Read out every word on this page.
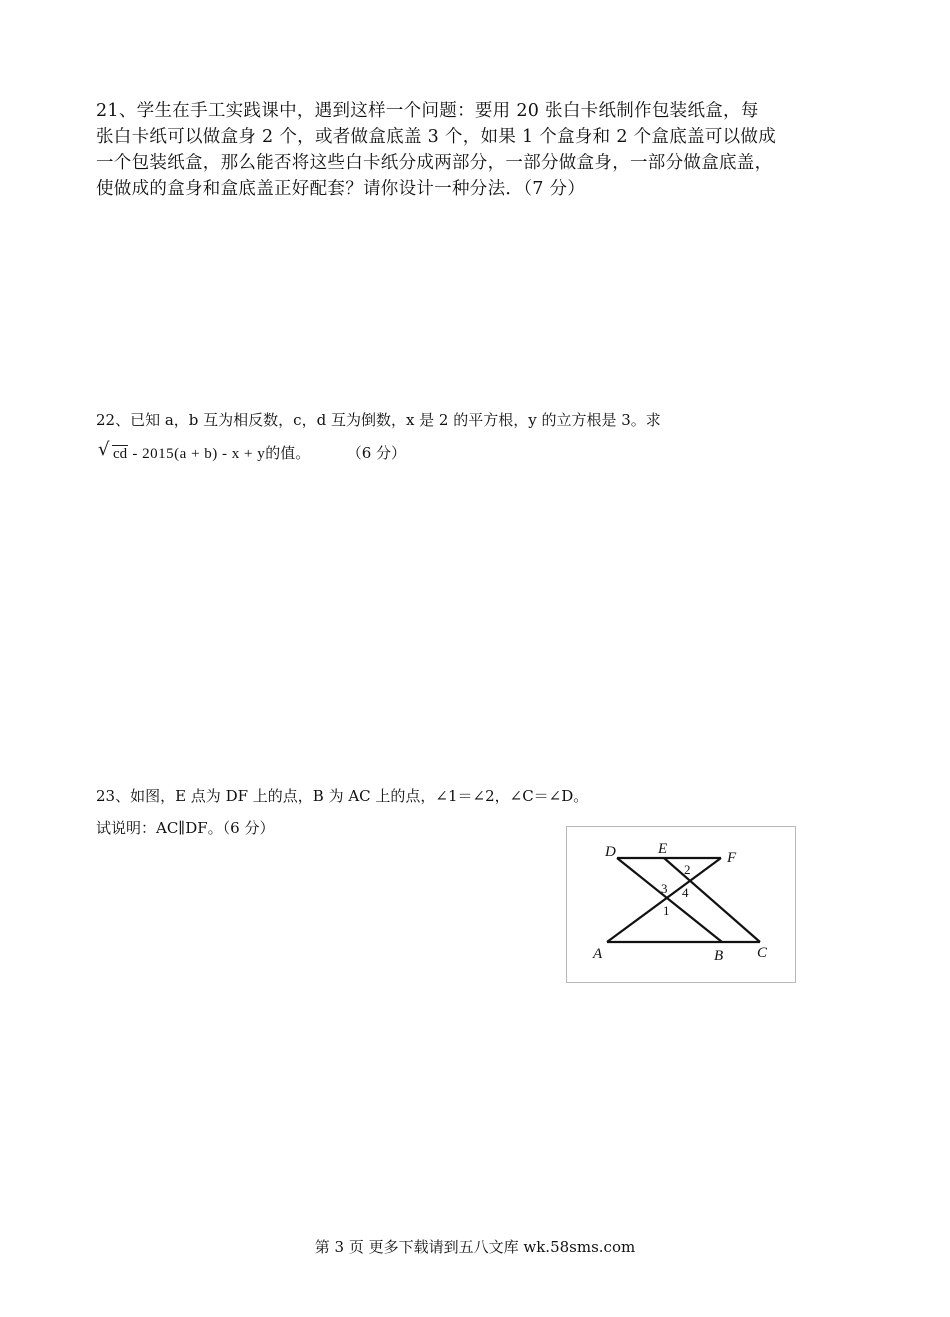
21、学生在手工实践课中，遇到这样一个问题：要用 20 张白卡纸制作包装纸盒，每
张白卡纸可以做盒身 2 个，或者做盒底盖 3 个，如果 1 个盒身和 2 个盒底盖可以做成
一个包装纸盒，那么能否将这些白卡纸分成两部分，一部分做盒身，一部分做盒底盖，
使做成的盒身和盒底盖正好配套？请你设计一种分法．（7 分）
22、已知 a，b 互为相反数，c，d 互为倒数，x 是 2 的平方根，y 的立方根是 3。求
√ cd - 2015(a + b) - x + y的值。	（6 分）
23、如图，E 点为 DF 上的点，B 为 AC 上的点，∠1＝∠2，∠C＝∠D。
试说明：AC∥DF。（6 分）
D	E
F
A	B C
1
2
3 4
第 3 页 更多下载请到五八文库 wk.58sms.com
